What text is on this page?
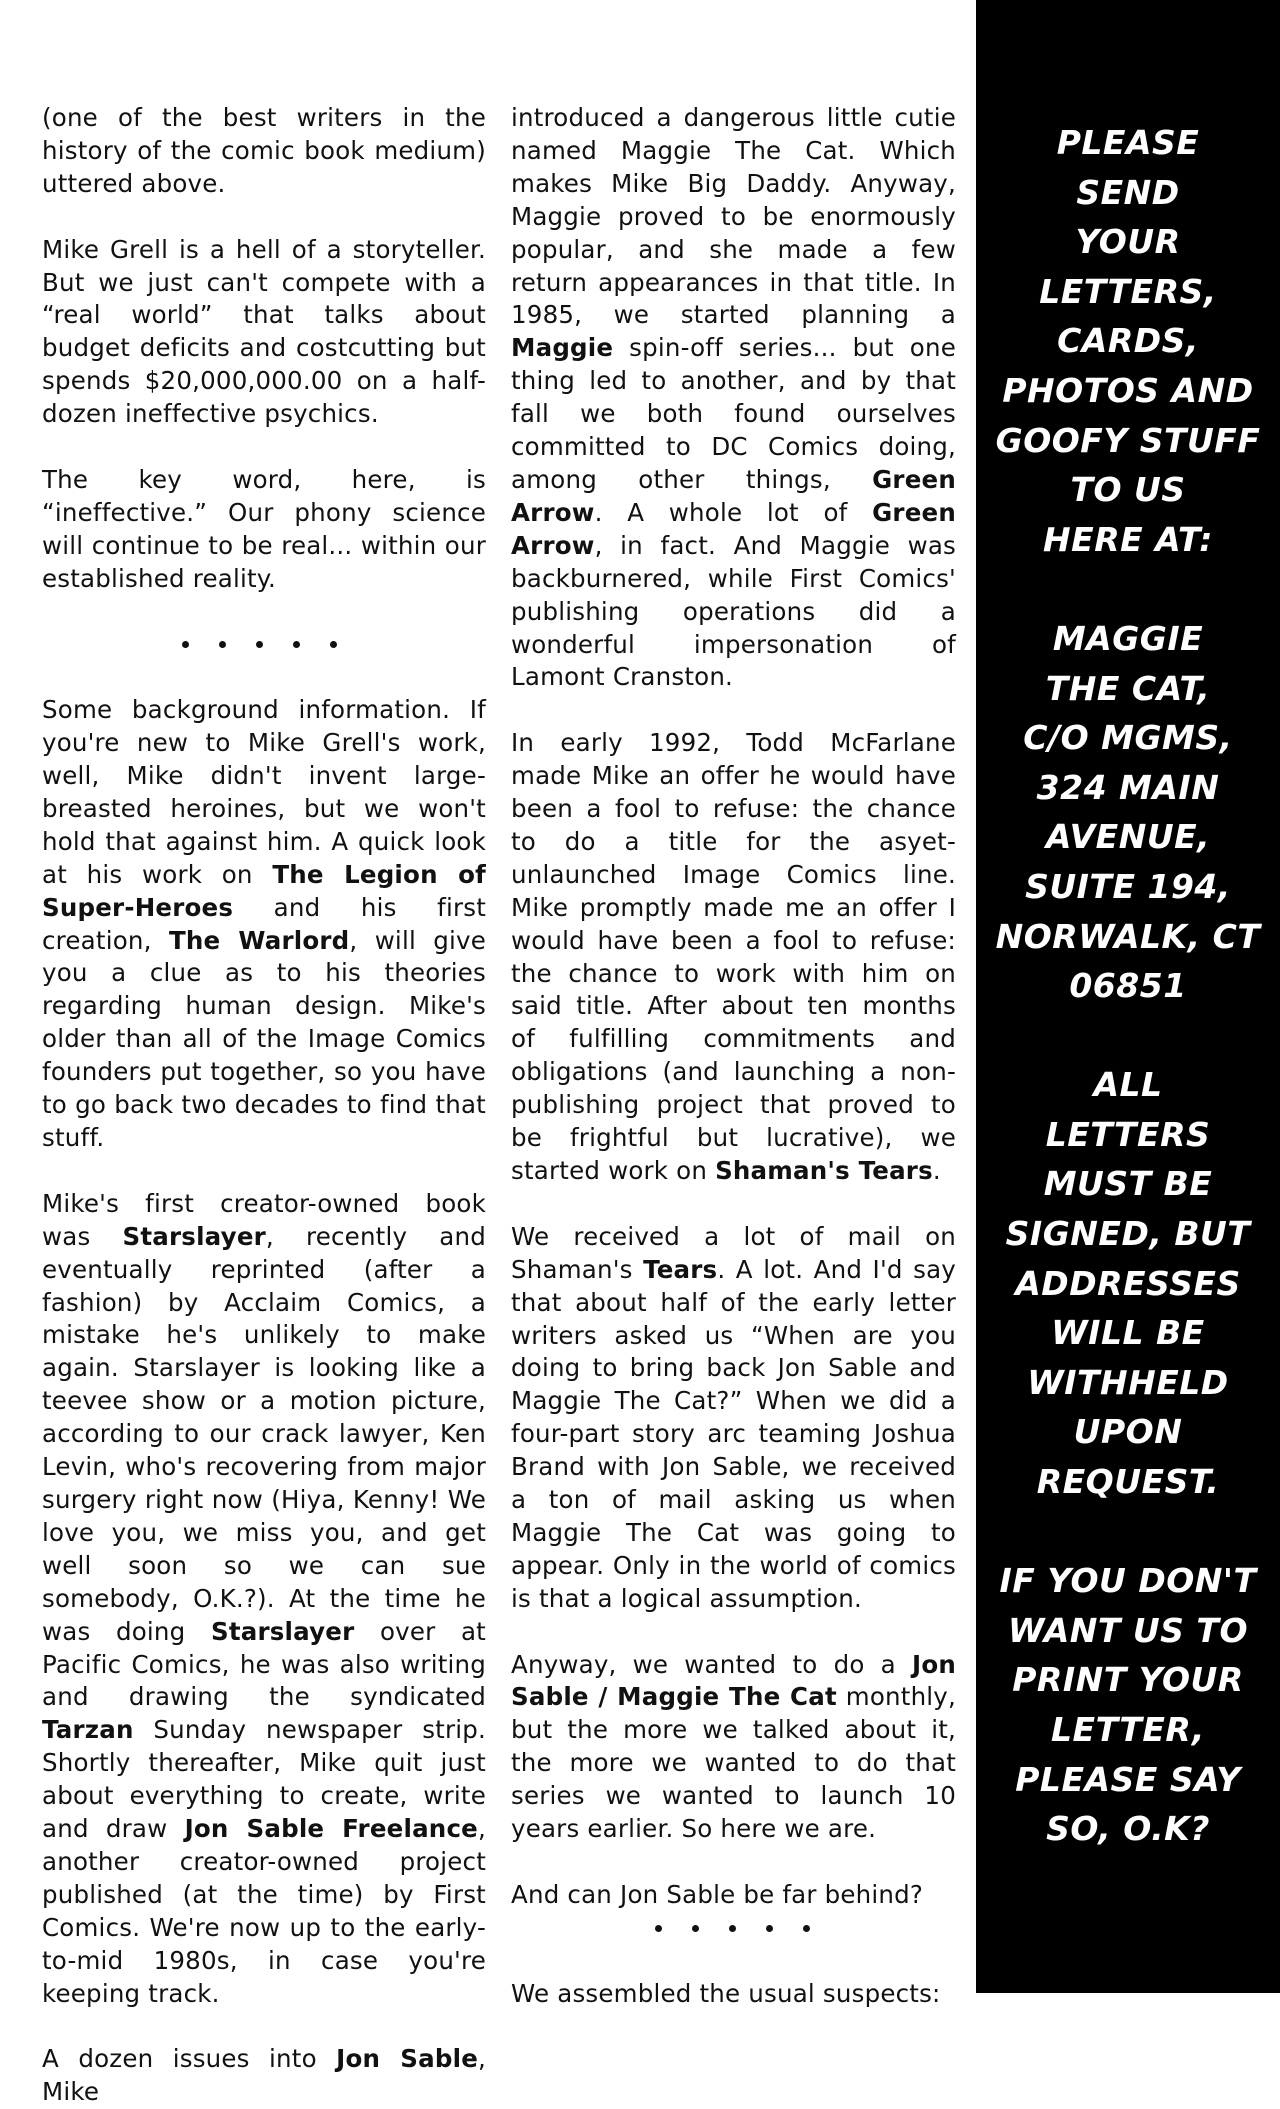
(one of the best writers in the history of the comic book medium) uttered above.

Mike Grell is a hell of a storyteller. But we just can't compete with a “real world” that talks about budget deficits and costcutting but spends $20,000,000.00 on a half-dozen ineffective psychics.

The key word, here, is “ineffective.” Our phony science will continue to be real... within our established reality.

Some background information. If you're new to Mike Grell's work, well, Mike didn't invent large-breasted heroines, but we won't hold that against him. A quick look at his work on The Legion of Super-Heroes and his first creation, The Warlord, will give you a clue as to his theories regarding human design. Mike's older than all of the Image Comics founders put together, so you have to go back two decades to find that stuff.

Mike's first creator-owned book was Starslayer, recently and eventually reprinted (after a fashion) by Acclaim Comics, a mistake he's unlikely to make again. Starslayer is looking like a teevee show or a motion picture, according to our crack lawyer, Ken Levin, who's recovering from major surgery right now (Hiya, Kenny! We love you, we miss you, and get well soon so we can sue somebody, O.K.?). At the time he was doing Starslayer over at Pacific Comics, he was also writing and drawing the syndicated Tarzan Sunday newspaper strip. Shortly thereafter, Mike quit just about everything to create, write and draw Jon Sable Freelance, another creator-owned project published (at the time) by First Comics. We're now up to the early-to-mid 1980s, in case you're keeping track.

A dozen issues into Jon Sable, Mike

introduced a dangerous little cutie named Maggie The Cat. Which makes Mike Big Daddy. Anyway, Maggie proved to be enormously popular, and she made a few return appearances in that title. In 1985, we started planning a Maggie spin-off series... but one thing led to another, and by that fall we both found ourselves committed to DC Comics doing, among other things, Green Arrow. A whole lot of Green Arrow, in fact. And Maggie was backburnered, while First Comics' publishing operations did a wonderful impersonation of Lamont Cranston.

In early 1992, Todd McFarlane made Mike an offer he would have been a fool to refuse: the chance to do a title for the asyet-unlaunched Image Comics line. Mike promptly made me an offer I would have been a fool to refuse: the chance to work with him on said title. After about ten months of fulfilling commitments and obligations (and launching a non-publishing project that proved to be frightful but lucrative), we started work on Shaman's Tears.

We received a lot of mail on Shaman's Tears. A lot. And I'd say that about half of the early letter writers asked us “When are you doing to bring back Jon Sable and Maggie The Cat?” When we did a four-part story arc teaming Joshua Brand with Jon Sable, we received a ton of mail asking us when Maggie The Cat was going to appear. Only in the world of comics is that a logical assumption.

Anyway, we wanted to do a Jon Sable / Maggie The Cat monthly, but the more we talked about it, the more we wanted to do that series we wanted to launch 10 years earlier. So here we are.

And can Jon Sable be far behind?

We assembled the usual suspects:

PLEASE
SEND
YOUR
LETTERS,
CARDS,
PHOTOS AND
GOOFY STUFF
TO US
HERE AT:
MAGGIE
THE CAT,
C/O MGMS,
324 MAIN
AVENUE,
SUITE 194,
NORWALK, CT
06851
ALL
LETTERS
MUST BE
SIGNED, BUT
ADDRESSES
WILL BE
WITHHELD
UPON
REQUEST.
IF YOU DON'T
WANT US TO
PRINT YOUR
LETTER,
PLEASE SAY
SO, O.K?
